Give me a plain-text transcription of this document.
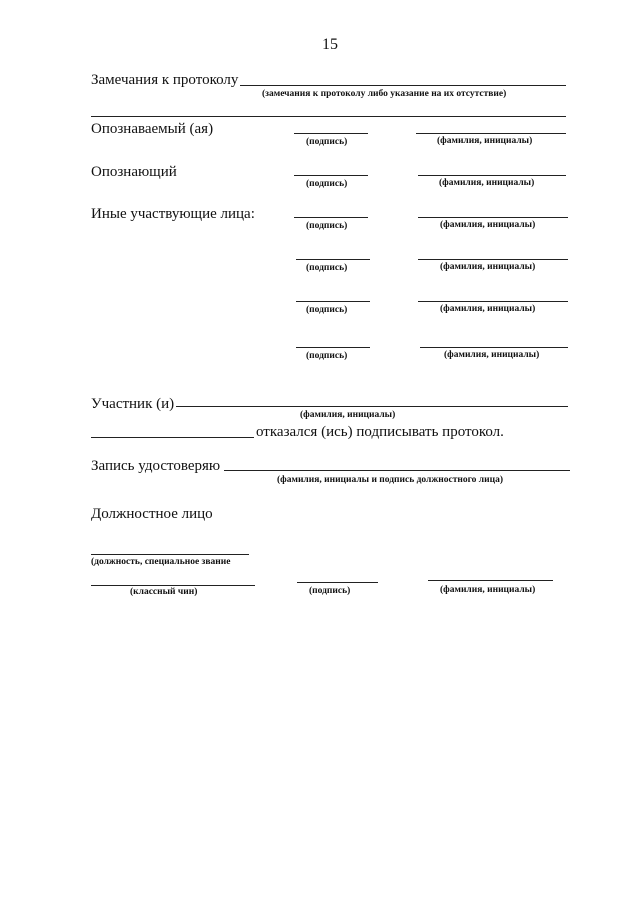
15
Замечания к протоколу
(замечания к протоколу либо указание на их отсутствие)
Опознаваемый (ая)
(подпись)	(фамилия, инициалы)
Опознающий
(подпись)	(фамилия, инициалы)
Иные участвующие лица:
(подпись)	(фамилия, инициалы)
(подпись)	(фамилия, инициалы)
(подпись)	(фамилия, инициалы)
(подпись)	(фамилия, инициалы)
Участник (и)
(фамилия, инициалы)
отказался (ись) подписывать протокол.
Запись удостоверяю
(фамилия, инициалы и подпись должностного лица)
Должностное лицо
(должность, специальное звание
(классный чин)	(подпись)	(фамилия, инициалы)
